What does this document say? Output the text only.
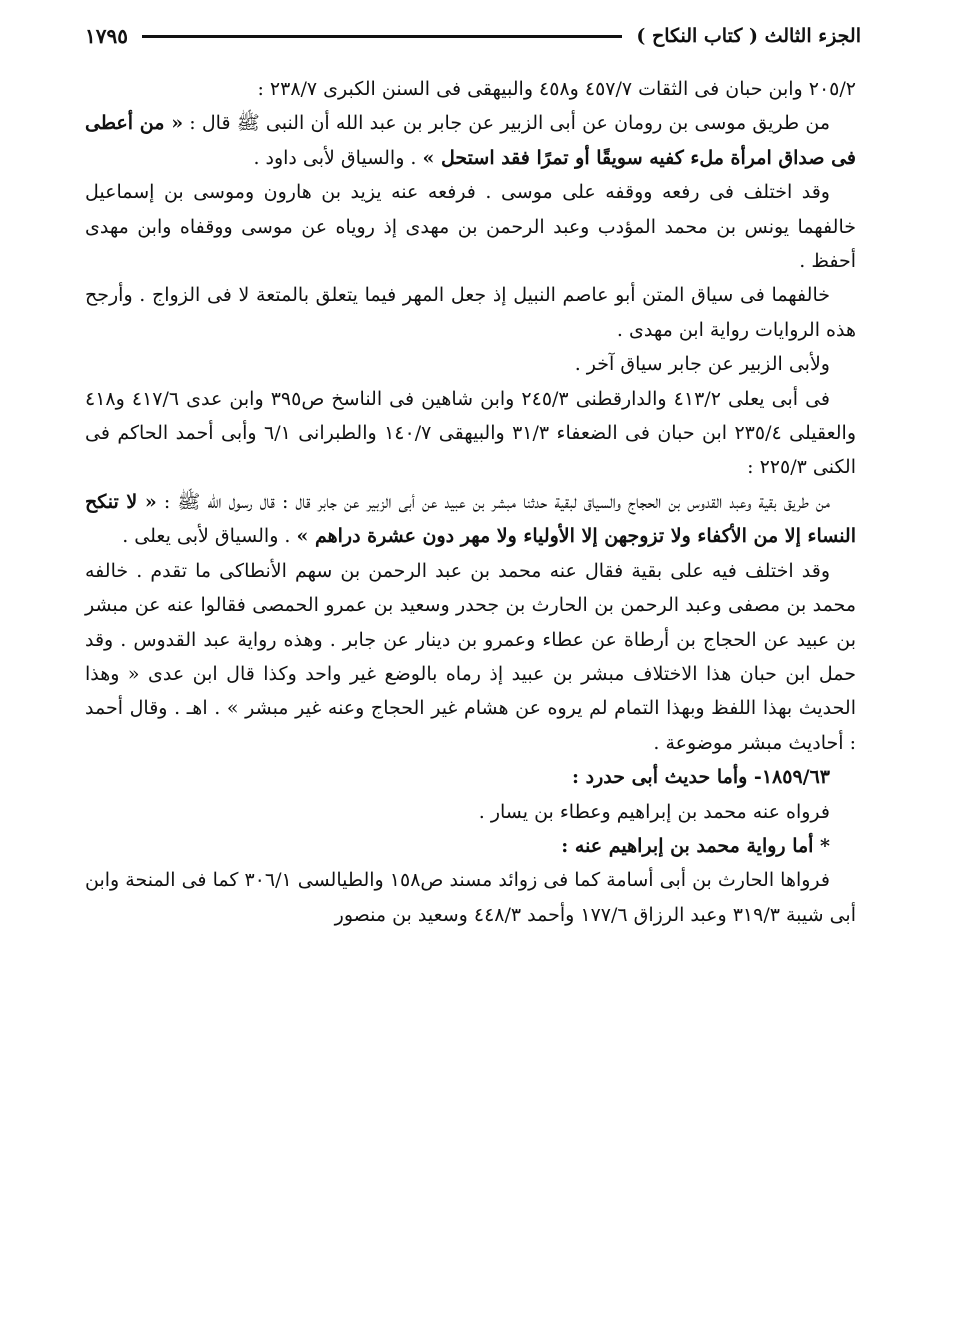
الجزء الثالث ( كتاب النكاح )
١٧٩٥

٢٠٥/٢ وابن حبان فى الثقات ٤٥٧/٧ و٤٥٨ والبيهقى فى السنن الكبرى ٢٣٨/٧ :

من طريق موسى بن رومان عن أبى الزبير عن جابر بن عبد الله أن النبى ﷺ قال : « من أعطى فى صداق امرأة ملء كفيه سويقًا أو تمرًا فقد استحل » . والسياق لأبى داود .

وقد اختلف فى رفعه ووقفه على موسى . فرفعه عنه يزيد بن هارون وموسى بن إسماعيل خالفهما يونس بن محمد المؤدب وعبد الرحمن بن مهدى إذ روياه عن موسى ووقفاه وابن مهدى أحفظ .

خالفهما فى سياق المتن أبو عاصم النبيل إذ جعل المهر فيما يتعلق بالمتعة لا فى الزواج . وأرجح هذه الروايات رواية ابن مهدى .

ولأبى الزبير عن جابر سياق آخر .

فى أبى يعلى ٤١٣/٢ والدارقطنى ٢٤٥/٣ وابن شاهين فى الناسخ ص٣٩٥ وابن عدى ٤١٧/٦ و٤١٨ والعقيلى ٢٣٥/٤ ابن حبان فى الضعفاء ٣١/٣ والبيهقى ١٤٠/٧ والطبرانى ٦/١ وأبى أحمد الحاكم فى الكنى ٢٢٥/٣ :

من طريق بقية وعبد القدوس بن الحجاج والسياق لبقية حدثنا مبشر بن عبيد عن أبى الزبير عن جابر قال : قال رسول الله ﷺ : « لا تنكح النساء إلا من الأكفاء ولا تزوجهن إلا الأولياء ولا مهر دون عشرة دراهم » . والسياق لأبى يعلى .

وقد اختلف فيه على بقية فقال عنه محمد بن عبد الرحمن بن سهم الأنطاكى ما تقدم . خالفه محمد بن مصفى وعبد الرحمن بن الحارث بن جحدر وسعيد بن عمرو الحمصى فقالوا عنه عن مبشر بن عبيد عن الحجاج بن أرطاة عن عطاء وعمرو بن دينار عن جابر . وهذه رواية عبد القدوس . وقد حمل ابن حبان هذا الاختلاف مبشر بن عبيد إذ رماه بالوضع غير واحد وكذا قال ابن عدى « وهذا الحديث بهذا اللفظ وبهذا التمام لم يروه عن هشام غير الحجاج وعنه غير مبشر » . اهـ . وقال أحمد : أحاديث مبشر موضوعة .

١٨٥٩/٦٣- وأما حديث أبى حدرد :

فرواه عنه محمد بن إبراهيم وعطاء بن يسار .

* أما رواية محمد بن إبراهيم عنه :

فرواها الحارث بن أبى أسامة كما فى زوائد مسند ص١٥٨ والطيالسى ٣٠٦/١ كما فى المنحة وابن أبى شيبة ٣١٩/٣ وعبد الرزاق ١٧٧/٦ وأحمد ٤٤٨/٣ وسعيد بن منصور
